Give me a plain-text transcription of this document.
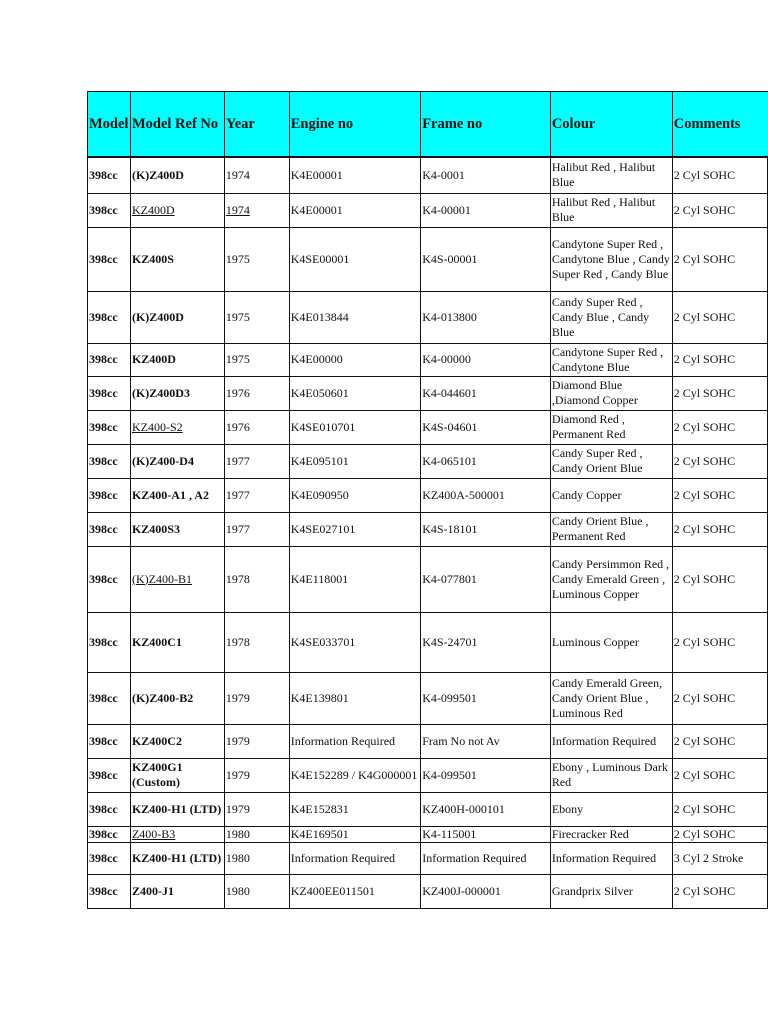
Model	Model Ref No	Year	Engine no	Frame no	Colour	Comments
398cc	(K)Z400D	1974	K4E00001	K4-0001	Halibut Red , Halibut Blue	2 Cyl SOHC
398cc	KZ400D	1974	K4E00001	K4-00001	Halibut Red , Halibut Blue	2 Cyl SOHC
398cc	KZ400S	1975	K4SE00001	K4S-00001	Candytone Super Red , Candytone Blue , Candy Super Red , Candy Blue	2 Cyl SOHC
398cc	(K)Z400D	1975	K4E013844	K4-013800	Candy Super Red , Candy Blue , Candy Blue	2 Cyl SOHC
398cc	KZ400D	1975	K4E00000	K4-00000	Candytone Super Red , Candytone Blue	2 Cyl SOHC
398cc	(K)Z400D3	1976	K4E050601	K4-044601	Diamond Blue ,Diamond Copper	2 Cyl SOHC
398cc	KZ400-S2	1976	K4SE010701	K4S-04601	Diamond Red , Permanent Red	2 Cyl SOHC
398cc	(K)Z400-D4	1977	K4E095101	K4-065101	Candy Super Red , Candy Orient Blue	2 Cyl SOHC
398cc	KZ400-A1 , A2	1977	K4E090950	KZ400A-500001	Candy Copper	2 Cyl SOHC
398cc	KZ400S3	1977	K4SE027101	K4S-18101	Candy Orient Blue , Permanent Red	2 Cyl SOHC
398cc	(K)Z400-B1	1978	K4E118001	K4-077801	Candy Persimmon Red , Candy Emerald Green , Luminous Copper	2 Cyl SOHC
398cc	KZ400C1	1978	K4SE033701	K4S-24701	Luminous Copper	2 Cyl SOHC
398cc	(K)Z400-B2	1979	K4E139801	K4-099501	Candy Emerald Green, Candy Orient Blue , Luminous Red	2 Cyl SOHC
398cc	KZ400C2	1979	Information Required	Fram No not Av	Information Required	2 Cyl SOHC
398cc	KZ400G1 (Custom)	1979	K4E152289 / K4G000001	K4-099501	Ebony , Luminous Dark Red	2 Cyl SOHC
398cc	KZ400-H1 (LTD)	1979	K4E152831	KZ400H-000101	Ebony	2 Cyl SOHC
398cc	Z400-B3	1980	K4E169501	K4-115001	Firecracker Red	2 Cyl SOHC
398cc	KZ400-H1 (LTD)	1980	Information Required	Information Required	Information Required	3 Cyl 2 Stroke
398cc	Z400-J1	1980	KZ400EE011501	KZ400J-000001	Grandprix Silver	2 Cyl SOHC
